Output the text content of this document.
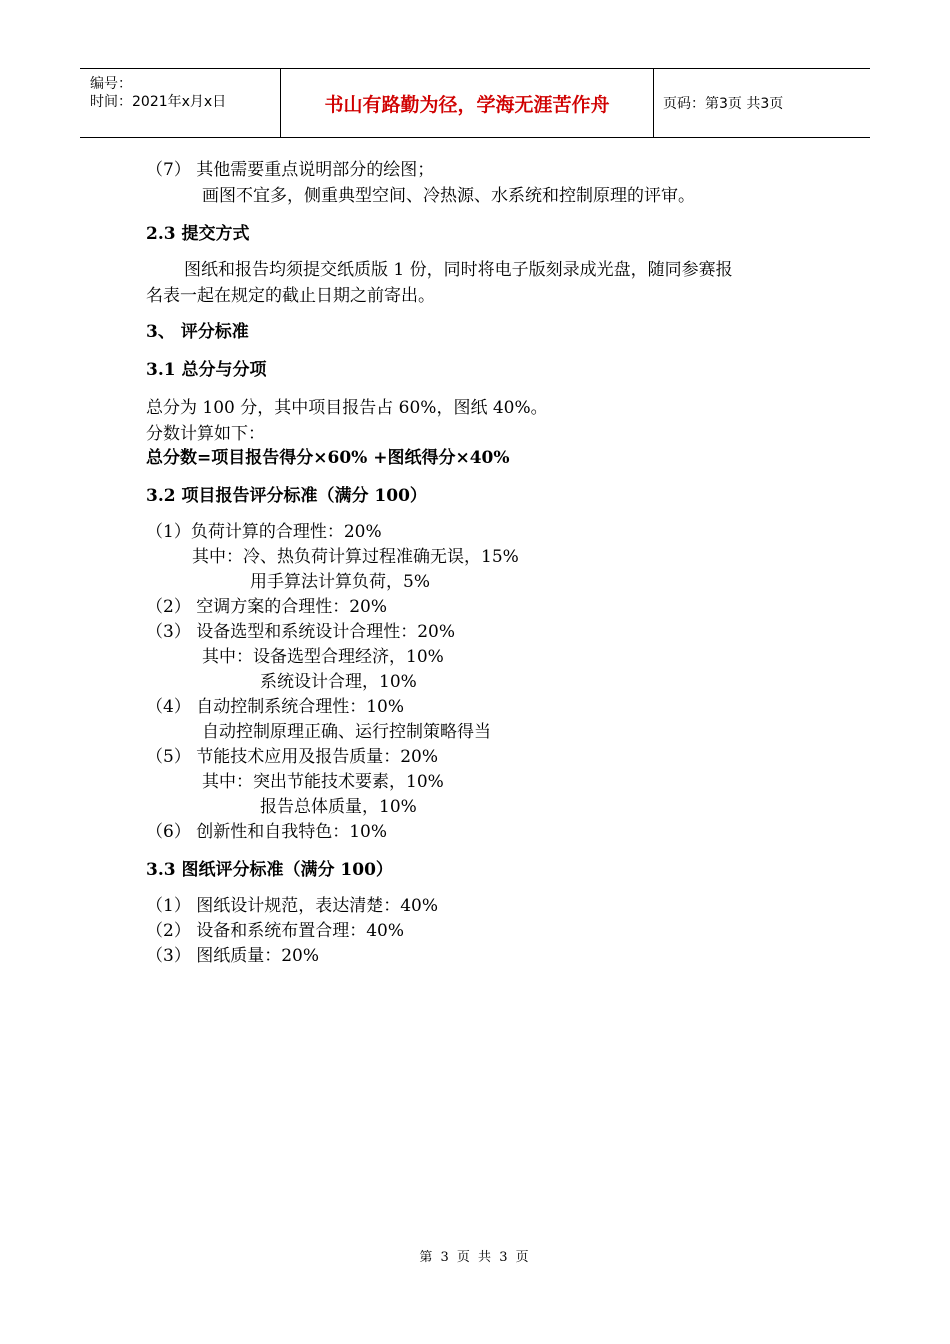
编号：
时间：2021年x月x日	书山有路勤为径，学海无涯苦作舟	页码：第3页 共3页
（7） 其他需要重点说明部分的绘图；
画图不宜多，侧重典型空间、冷热源、水系统和控制原理的评审。
2.3 提交方式
图纸和报告均须提交纸质版 1 份，同时将电子版刻录成光盘，随同参赛报
名表一起在规定的截止日期之前寄出。
3、 评分标准
3.1 总分与分项
总分为 100 分，其中项目报告占 60%，图纸 40%。
分数计算如下：
总分数=项目报告得分×60% +图纸得分×40%
3.2 项目报告评分标准（满分 100）
（1）负荷计算的合理性：20%
其中：冷、热负荷计算过程准确无误，15%
用手算法计算负荷，5%
（2） 空调方案的合理性：20%
（3） 设备选型和系统设计合理性：20%
其中：设备选型合理经济，10%
系统设计合理，10%
（4） 自动控制系统合理性：10%
自动控制原理正确、运行控制策略得当
（5） 节能技术应用及报告质量：20%
其中：突出节能技术要素，10%
报告总体质量，10%
（6） 创新性和自我特色：10%
3.3 图纸评分标准（满分 100）
（1） 图纸设计规范，表达清楚：40%
（2） 设备和系统布置合理：40%
（3） 图纸质量：20%
第 3 页 共 3 页
